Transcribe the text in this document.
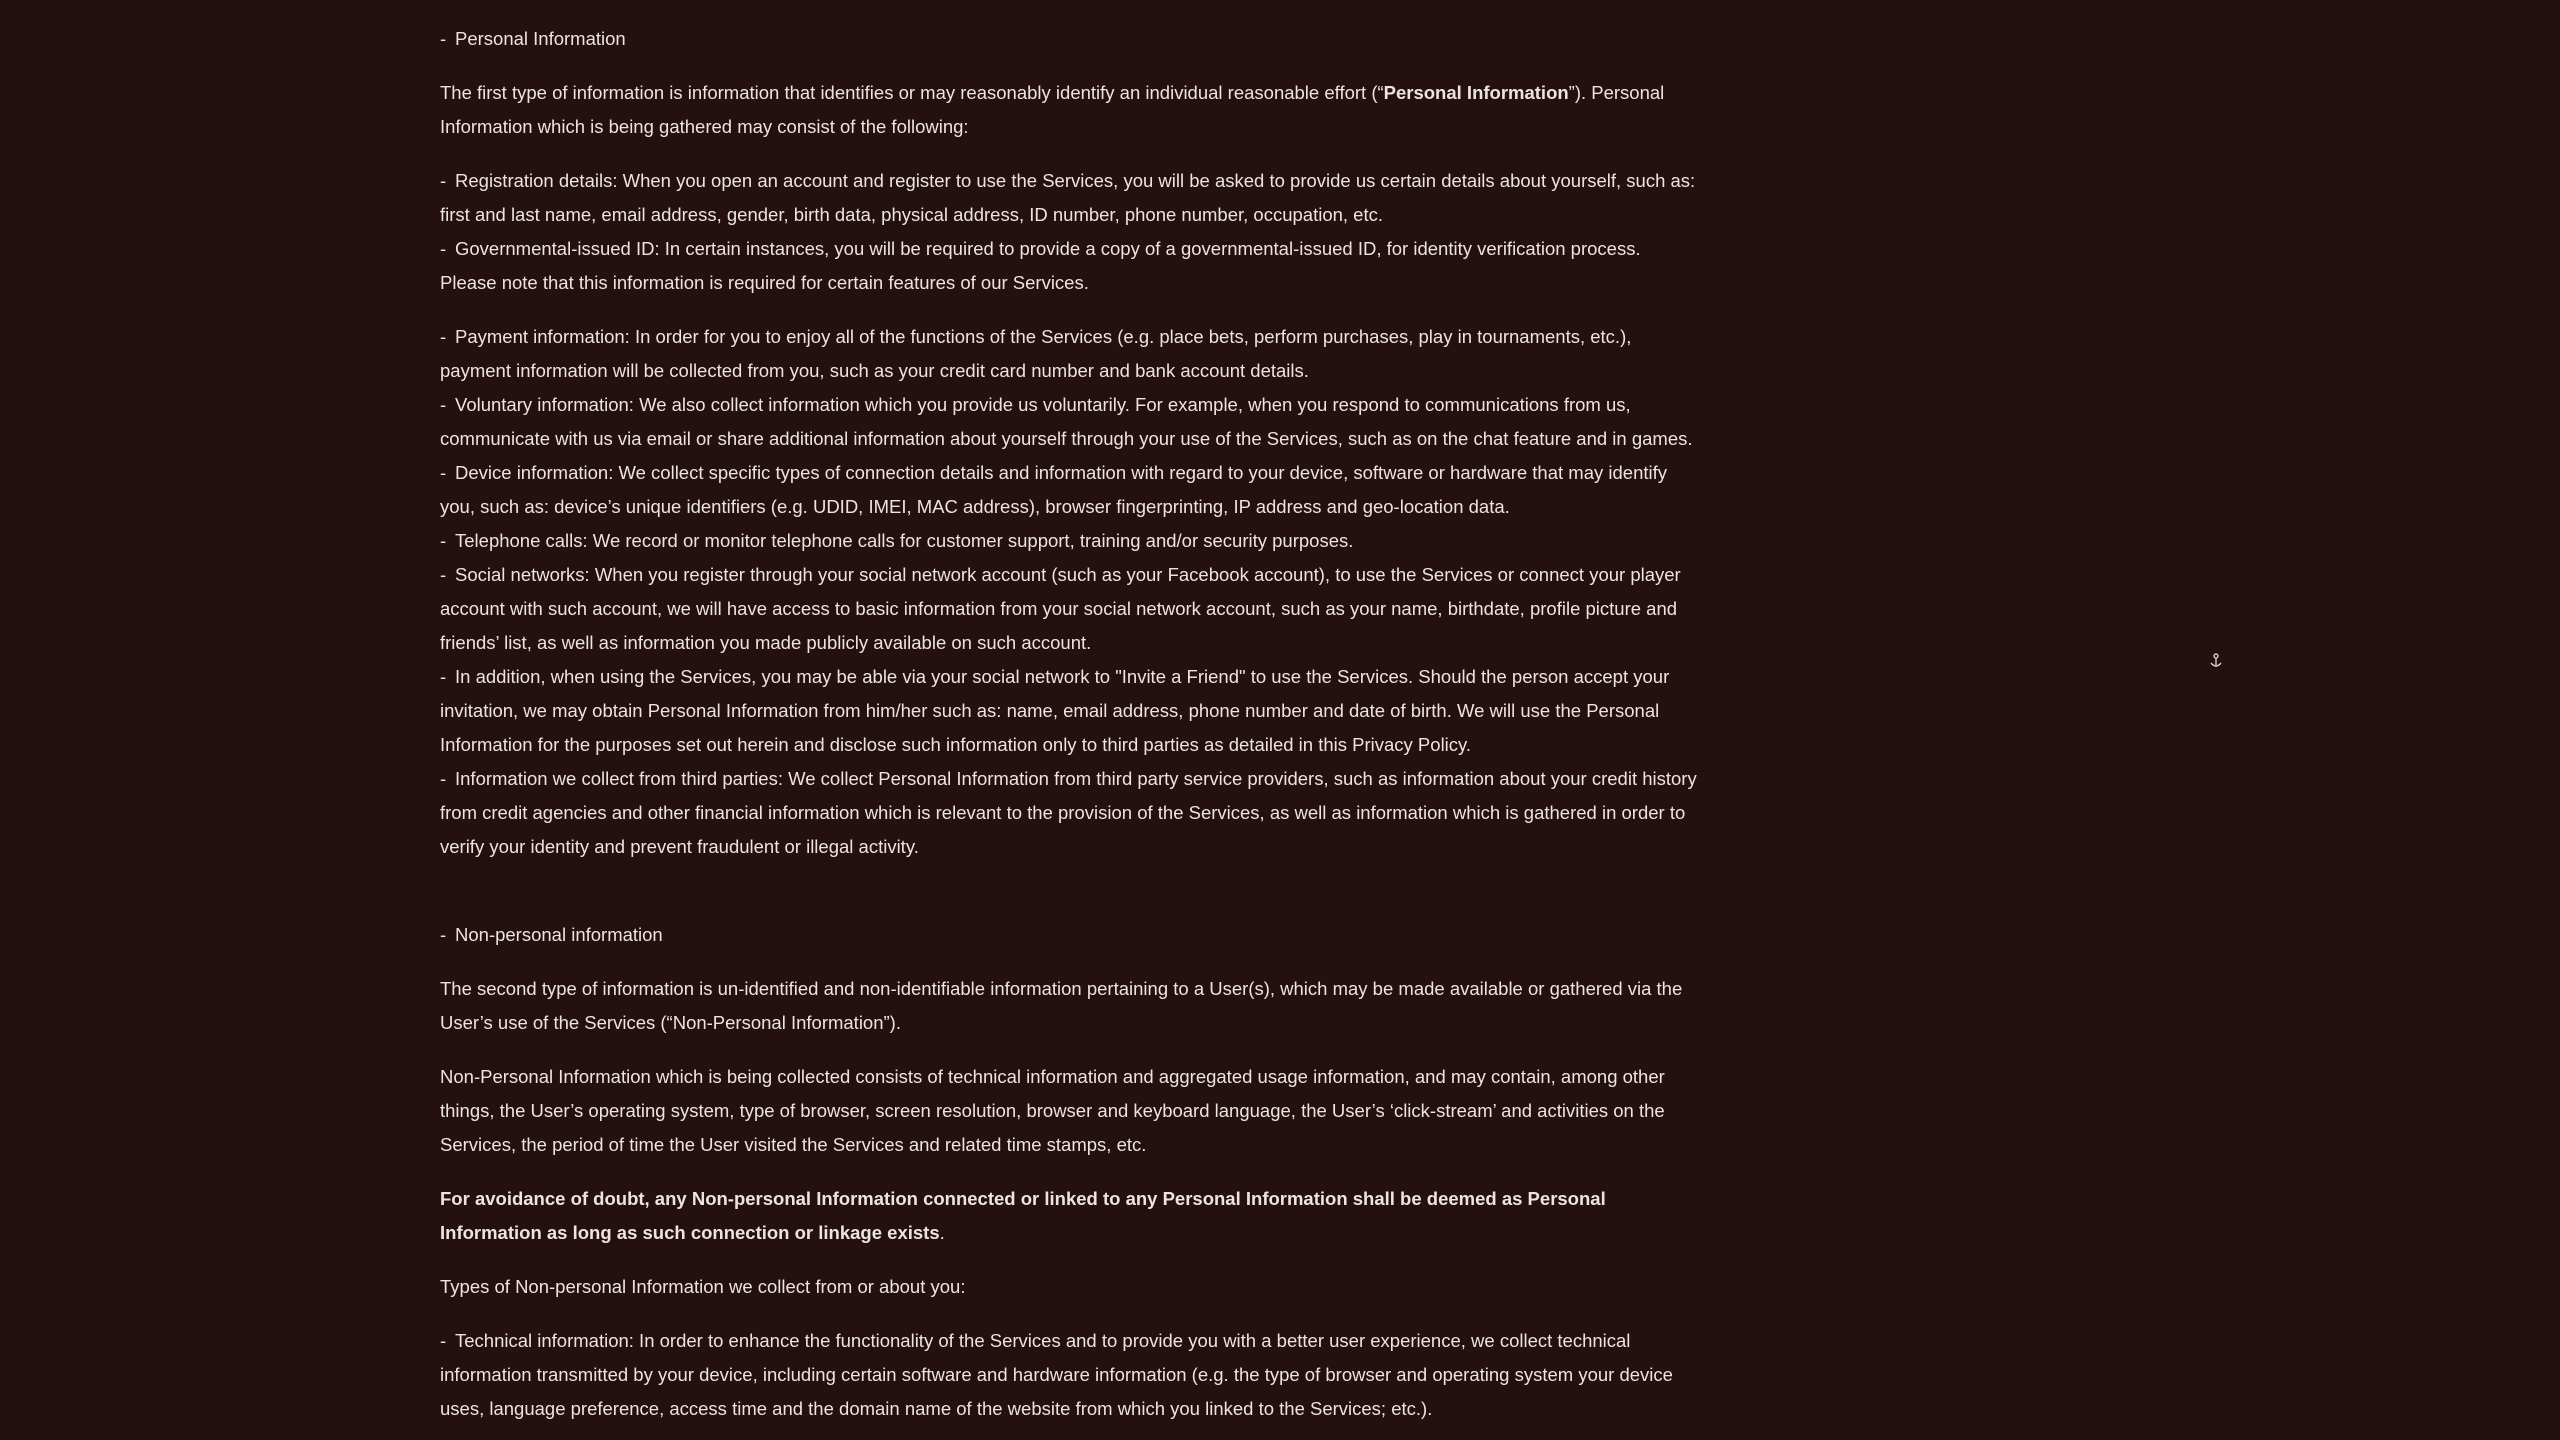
- Personal Information

The first type of information is information that identifies or may reasonably identify an individual reasonable effort (“Personal Information”). Personal Information which is being gathered may consist of the following:

- Registration details: When you open an account and register to use the Services, you will be asked to provide us certain details about yourself, such as: first and last name, email address, gender, birth data, physical address, ID number, phone number, occupation, etc.

- Governmental-issued ID: In certain instances, you will be required to provide a copy of a governmental-issued ID, for identity verification process. Please note that this information is required for certain features of our Services.

- Payment information: In order for you to enjoy all of the functions of the Services (e.g. place bets, perform purchases, play in tournaments, etc.), payment information will be collected from you, such as your credit card number and bank account details.

- Voluntary information: We also collect information which you provide us voluntarily. For example, when you respond to communications from us, communicate with us via email or share additional information about yourself through your use of the Services, such as on the chat feature and in games.

- Device information: We collect specific types of connection details and information with regard to your device, software or hardware that may identify you, such as: device’s unique identifiers (e.g. UDID, IMEI, MAC address), browser fingerprinting, IP address and geo-location data.

- Telephone calls: We record or monitor telephone calls for customer support, training and/or security purposes.

- Social networks: When you register through your social network account (such as your Facebook account), to use the Services or connect your player account with such account, we will have access to basic information from your social network account, such as your name, birthdate, profile picture and friends’ list, as well as information you made publicly available on such account.

- In addition, when using the Services, you may be able via your social network to "Invite a Friend" to use the Services. Should the person accept your invitation, we may obtain Personal Information from him/her such as: name, email address, phone number and date of birth. We will use the Personal Information for the purposes set out herein and disclose such information only to third parties as detailed in this Privacy Policy.

- Information we collect from third parties: We collect Personal Information from third party service providers, such as information about your credit history from credit agencies and other financial information which is relevant to the provision of the Services, as well as information which is gathered in order to verify your identity and prevent fraudulent or illegal activity.

- Non-personal information

The second type of information is un-identified and non-identifiable information pertaining to a User(s), which may be made available or gathered via the User’s use of the Services (“Non-Personal Information”).

Non-Personal Information which is being collected consists of technical information and aggregated usage information, and may contain, among other things, the User’s operating system, type of browser, screen resolution, browser and keyboard language, the User’s ‘click-stream’ and activities on the Services, the period of time the User visited the Services and related time stamps, etc.

For avoidance of doubt, any Non-personal Information connected or linked to any Personal Information shall be deemed as Personal Information as long as such connection or linkage exists.

Types of Non-personal Information we collect from or about you:

- Technical information: In order to enhance the functionality of the Services and to provide you with a better user experience, we collect technical information transmitted by your device, including certain software and hardware information (e.g. the type of browser and operating system your device uses, language preference, access time and the domain name of the website from which you linked to the Services; etc.).
